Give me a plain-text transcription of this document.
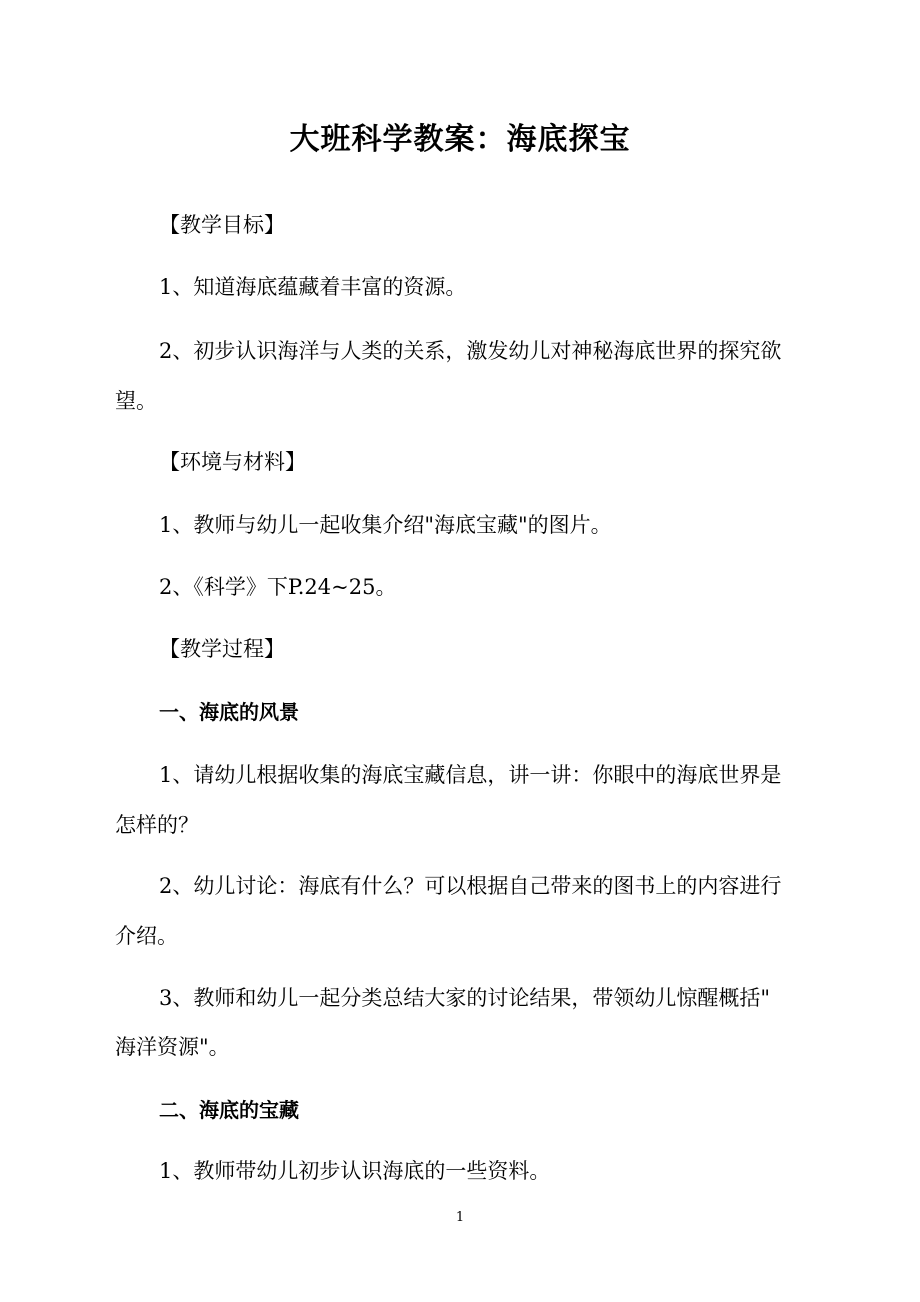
大班科学教案：海底探宝
【教学目标】
1、知道海底蕴藏着丰富的资源。
2、初步认识海洋与人类的关系，激发幼儿对神秘海底世界的探究欲
望。
【环境与材料】
1、教师与幼儿一起收集介绍"海底宝藏"的图片。
2、《科学》下P.24~25。
【教学过程】
一、海底的风景
1、请幼儿根据收集的海底宝藏信息，讲一讲：你眼中的海底世界是
怎样的？
2、幼儿讨论：海底有什么？可以根据自己带来的图书上的内容进行
介绍。
3、教师和幼儿一起分类总结大家的讨论结果，带领幼儿惊醒概括"
海洋资源"。
二、海底的宝藏
1、教师带幼儿初步认识海底的一些资料。
1
